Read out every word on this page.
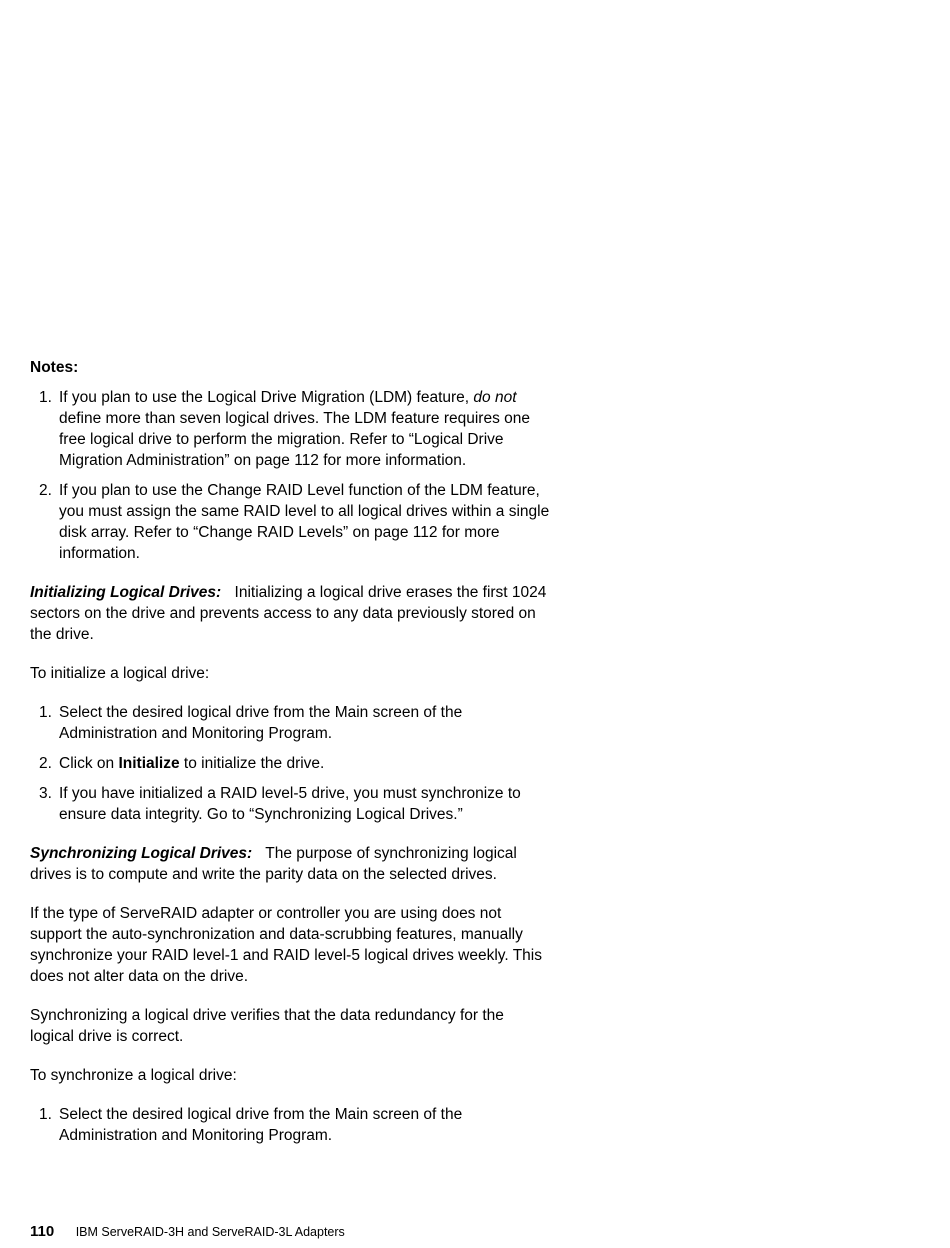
Notes:
1. If you plan to use the Logical Drive Migration (LDM) feature, do not define more than seven logical drives. The LDM feature requires one free logical drive to perform the migration. Refer to “Logical Drive Migration Administration” on page 112 for more information.
2. If you plan to use the Change RAID Level function of the LDM feature, you must assign the same RAID level to all logical drives within a single disk array. Refer to “Change RAID Levels” on page 112 for more information.

Initializing Logical Drives: Initializing a logical drive erases the first 1024 sectors on the drive and prevents access to any data previously stored on the drive.

To initialize a logical drive:

1. Select the desired logical drive from the Main screen of the Administration and Monitoring Program.
2. Click on Initialize to initialize the drive.
3. If you have initialized a RAID level-5 drive, you must synchronize to ensure data integrity. Go to “Synchronizing Logical Drives.”

Synchronizing Logical Drives: The purpose of synchronizing logical drives is to compute and write the parity data on the selected drives.

If the type of ServeRAID adapter or controller you are using does not support the auto-synchronization and data-scrubbing features, manually synchronize your RAID level-1 and RAID level-5 logical drives weekly. This does not alter data on the drive.

Synchronizing a logical drive verifies that the data redundancy for the logical drive is correct.

To synchronize a logical drive:

1. Select the desired logical drive from the Main screen of the Administration and Monitoring Program.
110 IBM ServeRAID-3H and ServeRAID-3L Adapters
